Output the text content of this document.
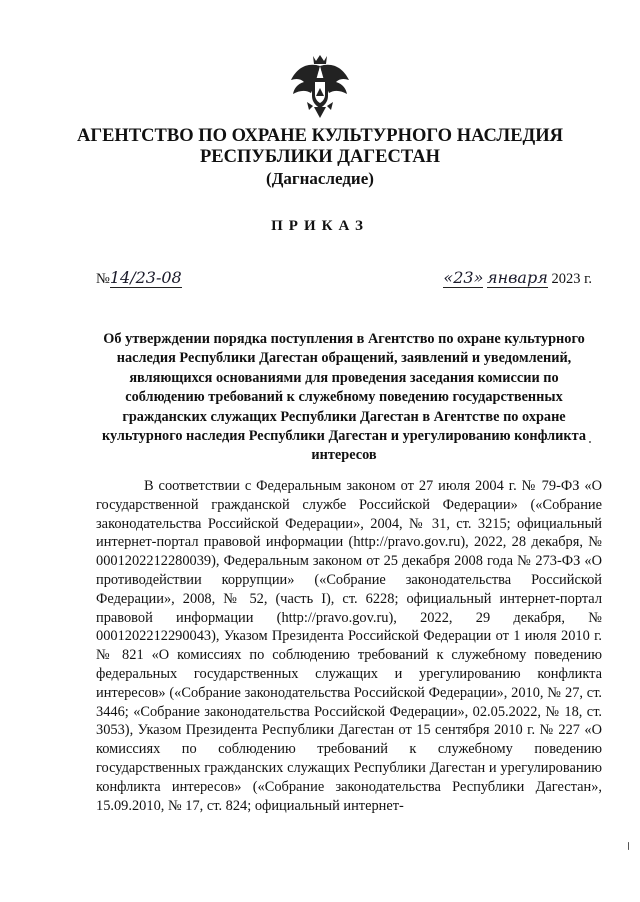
АГЕНТСТВО ПО ОХРАНЕ КУЛЬТУРНОГО НАСЛЕДИЯ
РЕСПУБЛИКИ ДАГЕСТАН
(Дагнаследие)
ПРИКАЗ
№14/23-08	«23» января 2023 г.
Об утверждении порядка поступления в Агентство по охране культурного наследия Республики Дагестан обращений, заявлений и уведомлений, являющихся основаниями для проведения заседания комиссии по соблюдению требований к служебному поведению государственных гражданских служащих Республики Дагестан в Агентстве по охране культурного наследия Республики Дагестан и урегулированию конфликта интересов
В соответствии с Федеральным законом от 27 июля 2004 г. № 79-ФЗ «О государственной гражданской службе Российской Федерации» («Собрание законодательства Российской Федерации», 2004, № 31, ст. 3215; официальный интернет-портал правовой информации (http://pravo.gov.ru), 2022, 28 декабря, № 0001202212280039), Федеральным законом от 25 декабря 2008 года № 273-ФЗ «О противодействии коррупции» («Собрание законодательства Российской Федерации», 2008, № 52, (часть I), ст. 6228; официальный интернет-портал правовой информации (http://pravo.gov.ru), 2022, 29 декабря, № 0001202212290043), Указом Президента Российской Федерации от 1 июля 2010 г. № 821 «О комиссиях по соблюдению требований к служебному поведению федеральных государственных служащих и урегулированию конфликта интересов» («Собрание законодательства Российской Федерации», 2010, № 27, ст. 3446; «Собрание законодательства Российской Федерации», 02.05.2022, № 18, ст. 3053), Указом Президента Республики Дагестан от 15 сентября 2010 г. № 227 «О комиссиях по соблюдению требований к служебному поведению государственных гражданских служащих Республики Дагестан и урегулированию конфликта интересов» («Собрание законодательства Республики Дагестан», 15.09.2010, № 17, ст. 824; официальный интернет-
